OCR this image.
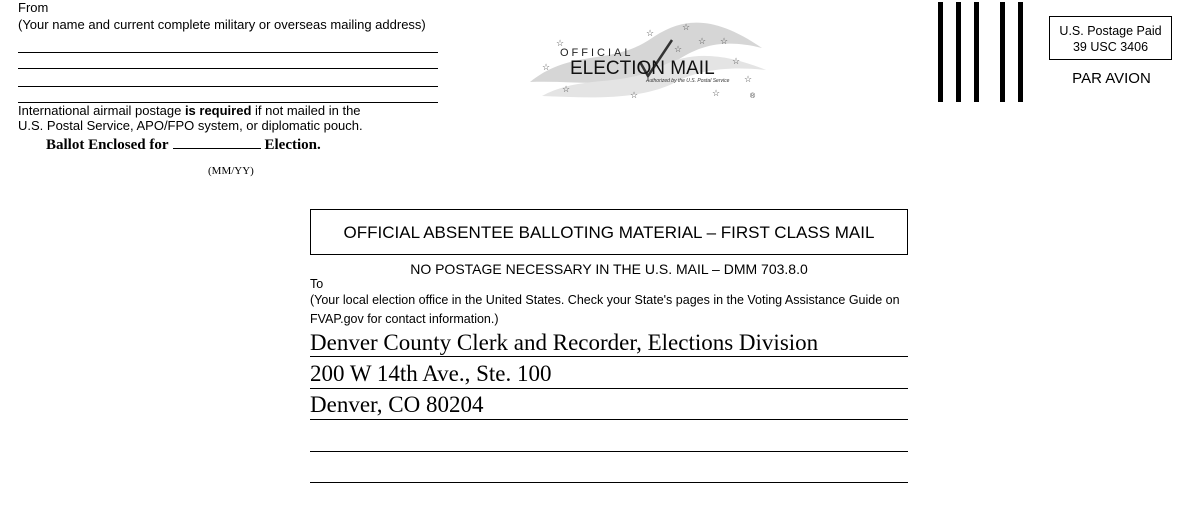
From
(Your name and current complete military or overseas mailing address)
International airmail postage is required if not mailed in the
U.S. Postal Service, APO/FPO system, or diplomatic pouch.
Ballot Enclosed for	Election.
(MM/YY)
☆
☆
☆
☆
☆
☆ ☆
☆
☆	☆
☆
☆
OFFICIAL
ELECTION MAIL
Authorized by the U.S. Postal Service
®
U.S. Postage Paid
39 USC 3406
PAR AVION
OFFICIAL ABSENTEE BALLOTING MATERIAL – FIRST CLASS MAIL
NO POSTAGE NECESSARY IN THE U.S. MAIL – DMM 703.8.0
To
(Your local election office in the United States. Check your State's pages in the Voting Assistance Guide on FVAP.gov for contact information.)
Denver County Clerk and Recorder, Elections Division
200 W 14th Ave., Ste. 100
Denver, CO 80204
